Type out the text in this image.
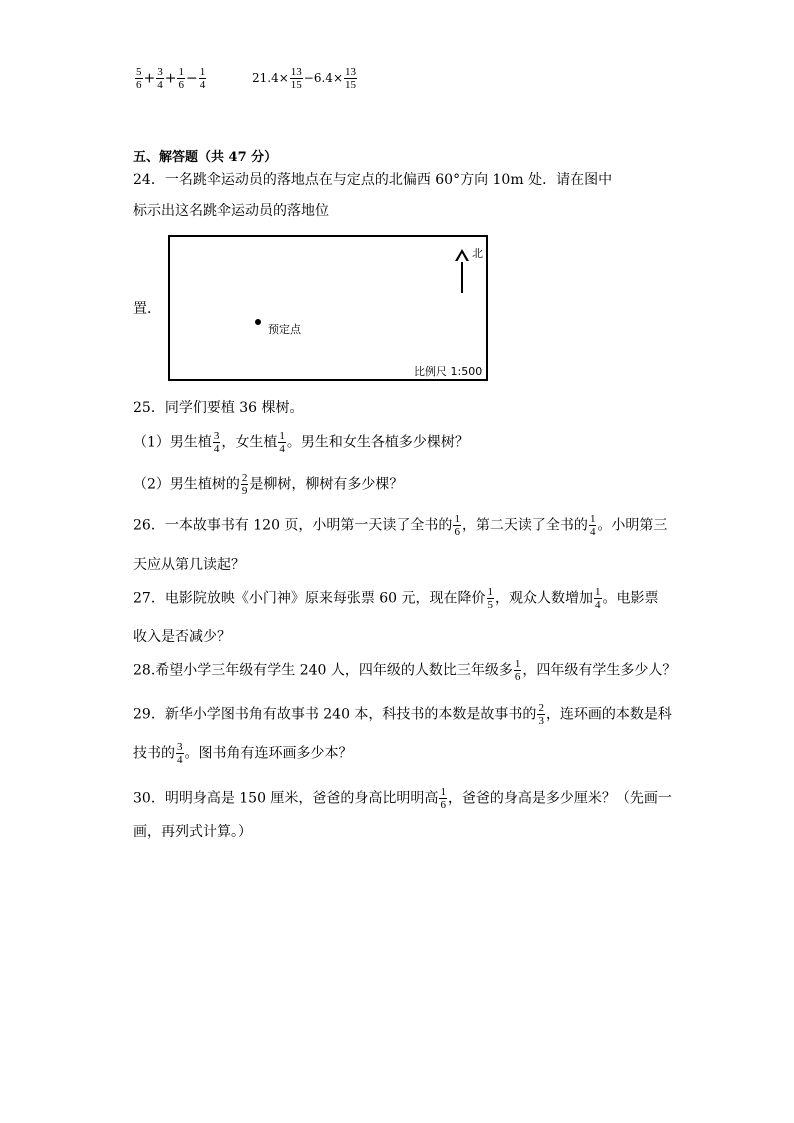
$\frac{5}{6} + \frac{3}{4} + \frac{1}{6} - \frac{1}{4}$	$21.4\times \frac{13}{15} -6.4\times \frac{13}{15}$
五、解答题（共 47 分）
24．一名跳伞运动员的落地点在与定点的北偏西 60°方向 10m 处．请在图中
标示出这名跳伞运动员的落地位
置．
北
预定点
比例尺 1:500
25．同学们要植 36 棵树。
（1）男生植 $\frac{3}{4}$ ，女生植 $\frac{1}{4}$ 。男生和女生各植多少棵树？
（2）男生植树的 $\frac{2}{9}$ 是柳树，柳树有多少棵？
26．一本故事书有 120 页，小明第一天读了全书的 $\frac{1}{6}$ ，第二天读了全书的 $\frac{1}{4}$ 。小明第三
天应从第几读起？
27．电影院放映《小门神》原来每张票 60 元，现在降价 $\frac{1}{5}$ ，观众人数增加 $\frac{1}{4}$ 。电影票
收入是否减少？
28.希望小学三年级有学生 240 人，四年级的人数比三年级多 $\frac{1}{6}$ ，四年级有学生多少人？
29．新华小学图书角有故事书 240 本，科技书的本数是故事书的 $\frac{2}{3}$ ，连环画的本数是科
技书的 $\frac{3}{4}$ 。图书角有连环画多少本？
30．明明身高是 150 厘米，爸爸的身高比明明高 $\frac{1}{6}$ ，爸爸的身高是多少厘米？（先画一
画，再列式计算。）
